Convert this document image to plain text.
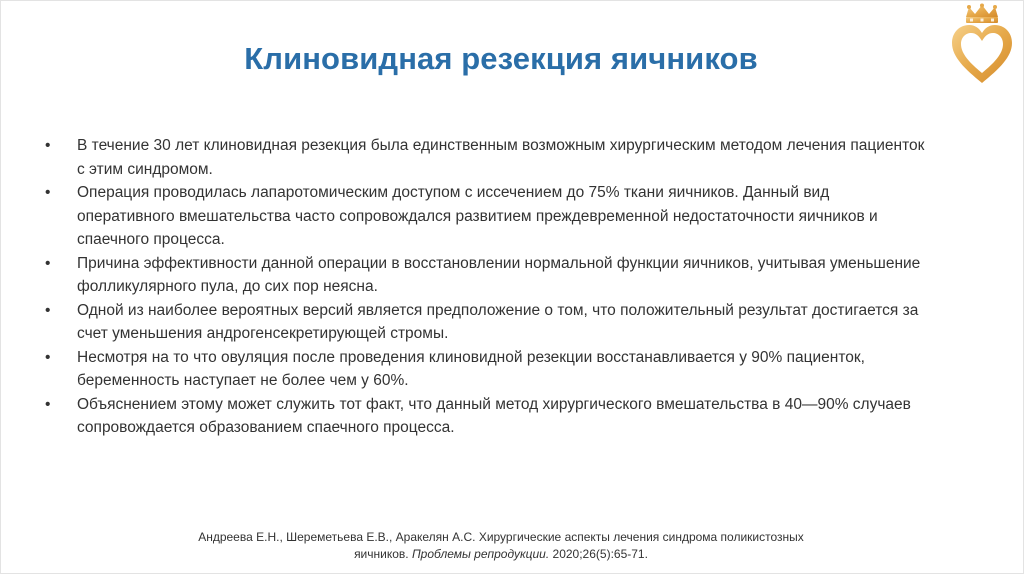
Клиновидная резекция яичников
• В течение 30 лет клиновидная резекция была единственным возможным хирургическим методом лечения пациенток с этим синдромом.
• Операция проводилась лапаротомическим доступом с иссечением до 75% ткани яичников. Данный вид оперативного вмешательства часто сопровождался развитием преждевременной недостаточности яичников и спаечного процесса.
• Причина эффективности данной операции в восстановлении нормальной функции яичников, учитывая уменьшение фолликулярного пула, до сих пор неясна.
• Одной из наиболее вероятных версий является предположение о том, что положительный результат достигается за счет уменьшения андрогенсекретирующей стромы.
• Несмотря на то что овуляция после проведения клиновидной резекции восстанавливается у 90% пациенток, беременность наступает не более чем у 60%.
• Объяснением этому может служить тот факт, что данный метод хирургического вмешательства в 40—90% случаев сопровождается образованием спаечного процесса.
Андреева Е.Н., Шереметьева Е.В., Аракелян А.С. Хирургические аспекты лечения синдрома поликистозных
яичников. Проблемы репродукции. 2020;26(5):65-71.
